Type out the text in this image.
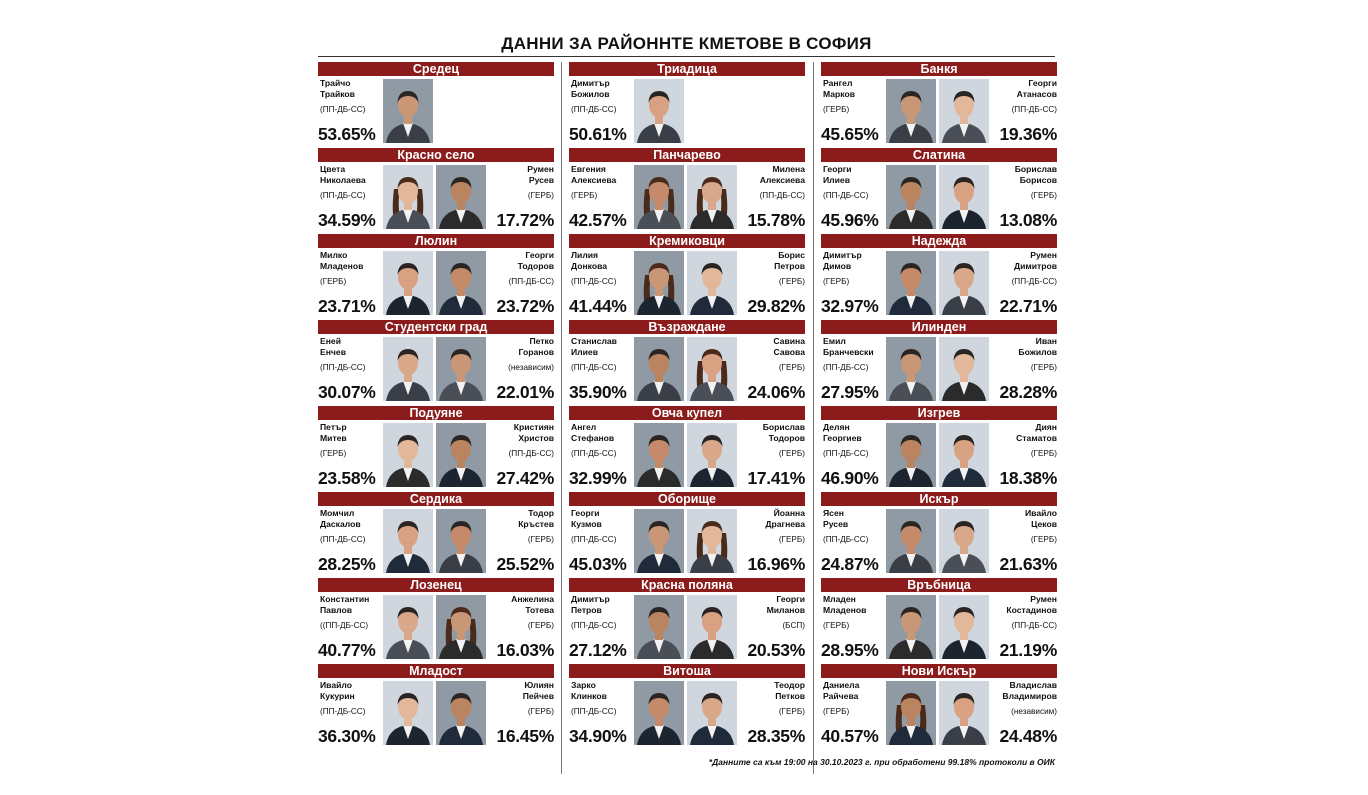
ДАННИ ЗА РАЙОННТЕ КМЕТОВЕ В СОФИЯ
Средец
Трайчо
Трайков
(ПП-ДБ-СС)
53.65%
Красно село
Цвета
Николаева
(ПП-ДБ-СС)
34.59%
Румен
Русев
(ГЕРБ)
17.72%
Люлин
Милко
Младенов
(ГЕРБ)
23.71%
Георги
Тодоров
(ПП-ДБ-СС)
23.72%
Студентски град
Еней
Енчев
(ПП-ДБ-СС)
30.07%
Петко
Горанов
(независим)
22.01%
Подуяне
Петър
Митев
(ГЕРБ)
23.58%
Кристиян
Христов
(ПП-ДБ-СС)
27.42%
Сердика
Момчил
Даскалов
(ПП-ДБ-СС)
28.25%
Тодор
Кръстев
(ГЕРБ)
25.52%
Лозенец
Константин
Павлов
((ПП-ДБ-СС)
40.77%
Анжелина
Тотева
(ГЕРБ)
16.03%
Младост
Ивайло
Кукурин
(ПП-ДБ-СС)
36.30%
Юлиян
Пейчев
(ГЕРБ)
16.45%
Триадица
Димитър
Божилов
(ПП-ДБ-СС)
50.61%
Панчарево
Евгения
Алексиева
(ГЕРБ)
42.57%
Милена
Алексиева
(ПП-ДБ-СС)
15.78%
Кремиковци
Лилия
Донкова
(ПП-ДБ-СС)
41.44%
Борис
Петров
(ГЕРБ)
29.82%
Възраждане
Станислав
Илиев
(ПП-ДБ-СС)
35.90%
Савина
Савова
(ГЕРБ)
24.06%
Овча купел
Ангел
Стефанов
(ПП-ДБ-СС)
32.99%
Борислав
Тодоров
(ГЕРБ)
17.41%
Оборище
Георги
Кузмов
(ПП-ДБ-СС)
45.03%
Йоанна
Драгнева
(ГЕРБ)
16.96%
Красна поляна
Димитър
Петров
(ПП-ДБ-СС)
27.12%
Георги
Миланов
(БСП)
20.53%
Витоша
Зарко
Клинков
(ПП-ДБ-СС)
34.90%
Теодор
Петков
(ГЕРБ)
28.35%
Банкя
Рангел
Марков
(ГЕРБ)
45.65%
Георги
Атанасов
(ПП-ДБ-СС)
19.36%
Слатина
Георги
Илиев
(ПП-ДБ-СС)
45.96%
Борислав
Борисов
(ГЕРБ)
13.08%
Надежда
Димитър
Димов
(ГЕРБ)
32.97%
Румен
Димитров
(ПП-ДБ-СС)
22.71%
Илинден
Емил
Бранчевски
(ПП-ДБ-СС)
27.95%
Иван
Божилов
(ГЕРБ)
28.28%
Изгрев
Делян
Георгиев
(ПП-ДБ-СС)
46.90%
Диян
Стаматов
(ГЕРБ)
18.38%
Искър
Ясен
Русев
(ПП-ДБ-СС)
24.87%
Ивайло
Цеков
(ГЕРБ)
21.63%
Връбница
Младен
Младенов
(ГЕРБ)
28.95%
Румен
Костадинов
(ПП-ДБ-СС)
21.19%
Нови Искър
Даниела
Райчева
(ГЕРБ)
40.57%
Владислав
Владимиров
(независим)
24.48%
*Данните са към 19:00 на 30.10.2023 г. при обработени 99.18% протоколи в ОИК
